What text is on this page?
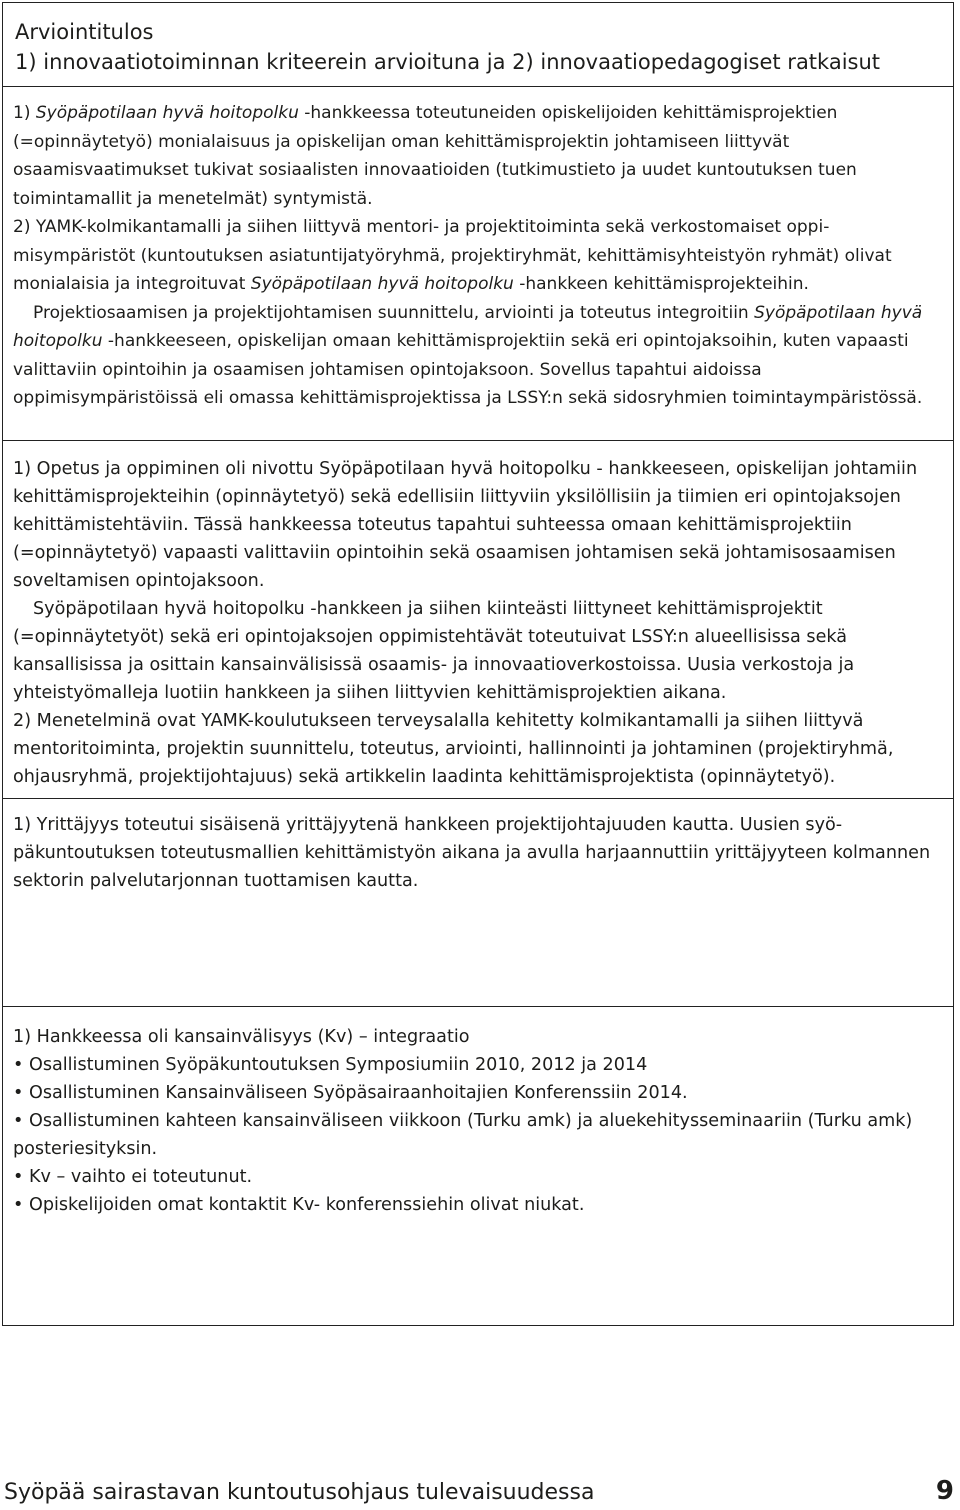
Arviointitulos
1) innovaatiotoiminnan kriteerein arvioituna ja 2) innovaatiopedagogiset ratkaisut

1) Syöpäpotilaan hyvä hoitopolku -hankkeessa toteutuneiden opiskelijoiden kehittämisprojektien (=opinnäytetyö) monialaisuus ja opiskelijan oman kehittämisprojektin johtamiseen liittyvät osaamisvaatimukset tukivat sosiaalisten innovaatioiden (tutkimustieto ja uudet kuntoutuksen tuen toimintamallit ja menetelmät) syntymistä.

2) YAMK-kolmikantamalli ja siihen liittyvä mentori- ja projektitoiminta sekä verkostomaiset oppimisympäristöt (kuntoutuksen asiatuntijatyöryhmä, projektiryhmät, kehittämisyhteistyön ryhmät) olivat monialaisia ja integroituvat Syöpäpotilaan hyvä hoitopolku -hankkeen kehittämisprojekteihin.

Projektiosaamisen ja projektijohtamisen suunnittelu, arviointi ja toteutus integroitiin Syöpäpotilaan hyvä hoitopolku -hankkeeseen, opiskelijan omaan kehittämisprojektiin sekä eri opintojaksoihin, kuten vapaasti valittaviin opintoihin ja osaamisen johtamisen opintojaksoon. Sovellus tapahtui aidoissa oppimisympäristöissä eli omassa kehittämisprojektissa ja LSSY:n sekä sidosryhmien toimintaympäristössä.

1) Opetus ja oppiminen oli nivottu Syöpäpotilaan hyvä hoitopolku - hankkeeseen, opiskelijan johtamiin kehittämisprojekteihin (opinnäytetyö) sekä edellisiin liittyviin yksilöllisiin ja tiimien eri opintojaksojen kehittämistehtäviin. Tässä hankkeessa toteutus tapahtui suhteessa omaan kehittämisprojektiin (=opinnäytetyö) vapaasti valittaviin opintoihin sekä osaamisen johtamisen sekä johtamisosaamisen soveltamisen opintojaksoon.

Syöpäpotilaan hyvä hoitopolku -hankkeen ja siihen kiinteästi liittyneet kehittämisprojektit (=opinnäytetyöt) sekä eri opintojaksojen oppimistehtävät toteutuivat LSSY:n alueellisissa sekä kansallisissa ja osittain kansainvälisissä osaamis- ja innovaatioverkostoissa. Uusia verkostoja ja yhteistyömalleja luotiin hankkeen ja siihen liittyvien kehittämisprojektien aikana.

2) Menetelminä ovat YAMK-koulutukseen terveysalalla kehitetty kolmikantamalli ja siihen liittyvä mentoritoiminta, projektin suunnittelu, toteutus, arviointi, hallinnointi ja johtaminen (projektiryhmä, ohjausryhmä, projektijohtajuus) sekä artikkelin laadinta kehittämisprojektista (opinnäytetyö).

1) Yrittäjyys toteutui sisäisenä yrittäjyytenä hankkeen projektijohtajuuden kautta. Uusien syöpäkuntoutuksen toteutusmallien kehittämistyön aikana ja avulla harjaannuttiin yrittäjyyteen kolmannen sektorin palvelutarjonnan tuottamisen kautta.

1) Hankkeessa oli kansainvälisyys (Kv) – integraatio

• Osallistuminen Syöpäkuntoutuksen Symposiumiin 2010, 2012 ja 2014

• Osallistuminen Kansainväliseen Syöpäsairaanhoitajien Konferenssiin 2014.

• Osallistuminen kahteen kansainväliseen viikkoon (Turku amk) ja aluekehitysseminaariin (Turku amk) posteriesityksin.

• Kv – vaihto ei toteutunut.

• Opiskelijoiden omat kontaktit Kv- konferenssiehin olivat niukat.

Syöpää sairastavan kuntoutusohjaus tulevaisuudessa	9
